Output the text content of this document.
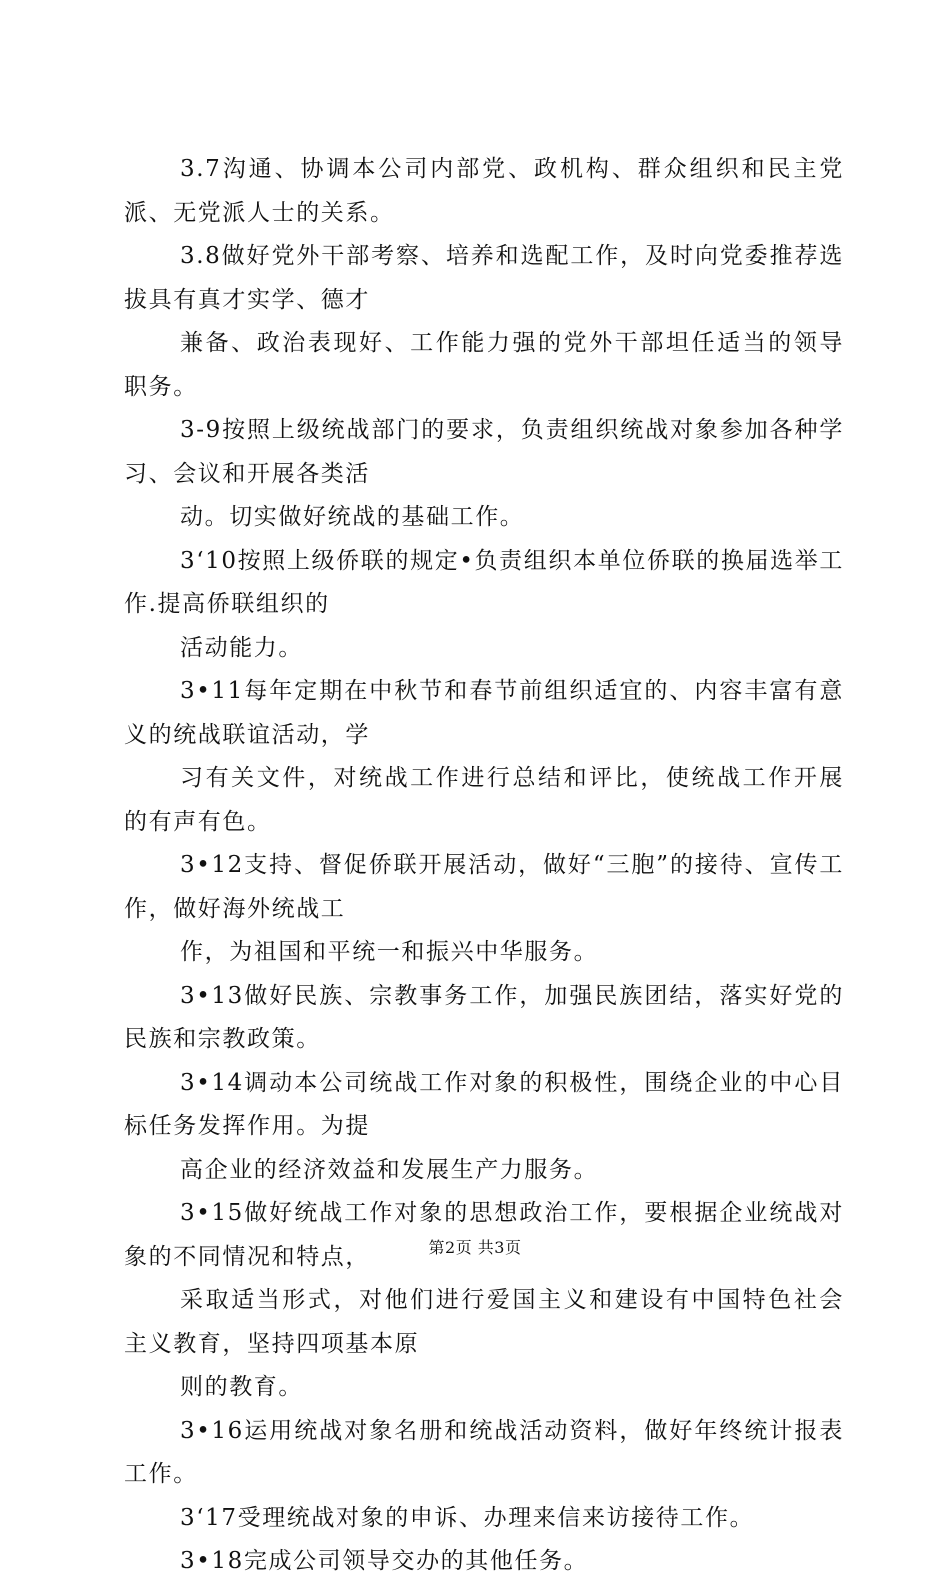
3.7沟通、协调本公司内部党、政机构、群众组织和民主党派、无党派人士的关系。

3.8做好党外干部考察、培养和选配工作，及时向党委推荐选拔具有真才实学、德才

兼备、政治表现好、工作能力强的党外干部坦任适当的领导职务。

3-9按照上级统战部门的要求，负责组织统战对象参加各种学习、会议和开展各类活

动。切实做好统战的基础工作。

3‘10按照上级侨联的规定•负责组织本单位侨联的换届选举工作.提高侨联组织的

活动能力。

3•11每年定期在中秋节和春节前组织适宜的、内容丰富有意义的统战联谊活动，学

习有关文件，对统战工作进行总结和评比，使统战工作开展的有声有色。

3•12支持、督促侨联开展活动，做好“三胞”的接待、宣传工作，做好海外统战工

作，为祖国和平统一和振兴中华服务。

3•13做好民族、宗教事务工作，加强民族团结，落实好党的民族和宗教政策。

3•14调动本公司统战工作对象的积极性，围绕企业的中心目标任务发挥作用。为提

高企业的经济效益和发展生产力服务。

3•15做好统战工作对象的思想政治工作，要根据企业统战对象的不同情况和特点，

采取适当形式，对他们进行爱国主义和建设有中国特色社会主义教育，坚持四项基本原

则的教育。

3•16运用统战对象名册和统战活动资料，做好年终统计报表工作。

3‘17受理统战对象的申诉、办理来信来访接待工作。

3•18完成公司领导交办的其他任务。

第2页 共3页
